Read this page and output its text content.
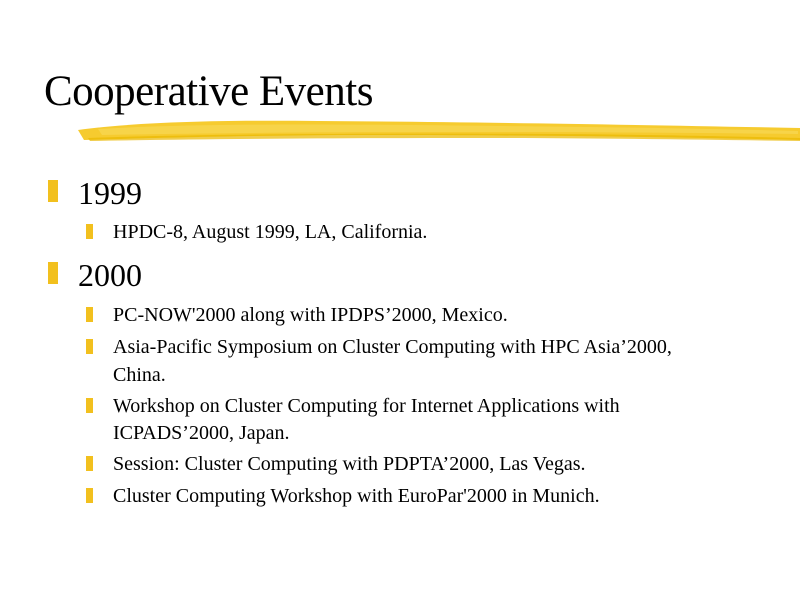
Cooperative Events
1999
HPDC-8, August 1999, LA, California.
2000
PC-NOW'2000 along with IPDPS’2000, Mexico.
Asia-Pacific Symposium on Cluster Computing with HPC Asia’2000,
China.
Workshop on Cluster Computing for Internet Applications with
ICPADS’2000, Japan.
Session: Cluster Computing with PDPTA’2000, Las Vegas.
Cluster Computing Workshop with EuroPar'2000 in Munich.
